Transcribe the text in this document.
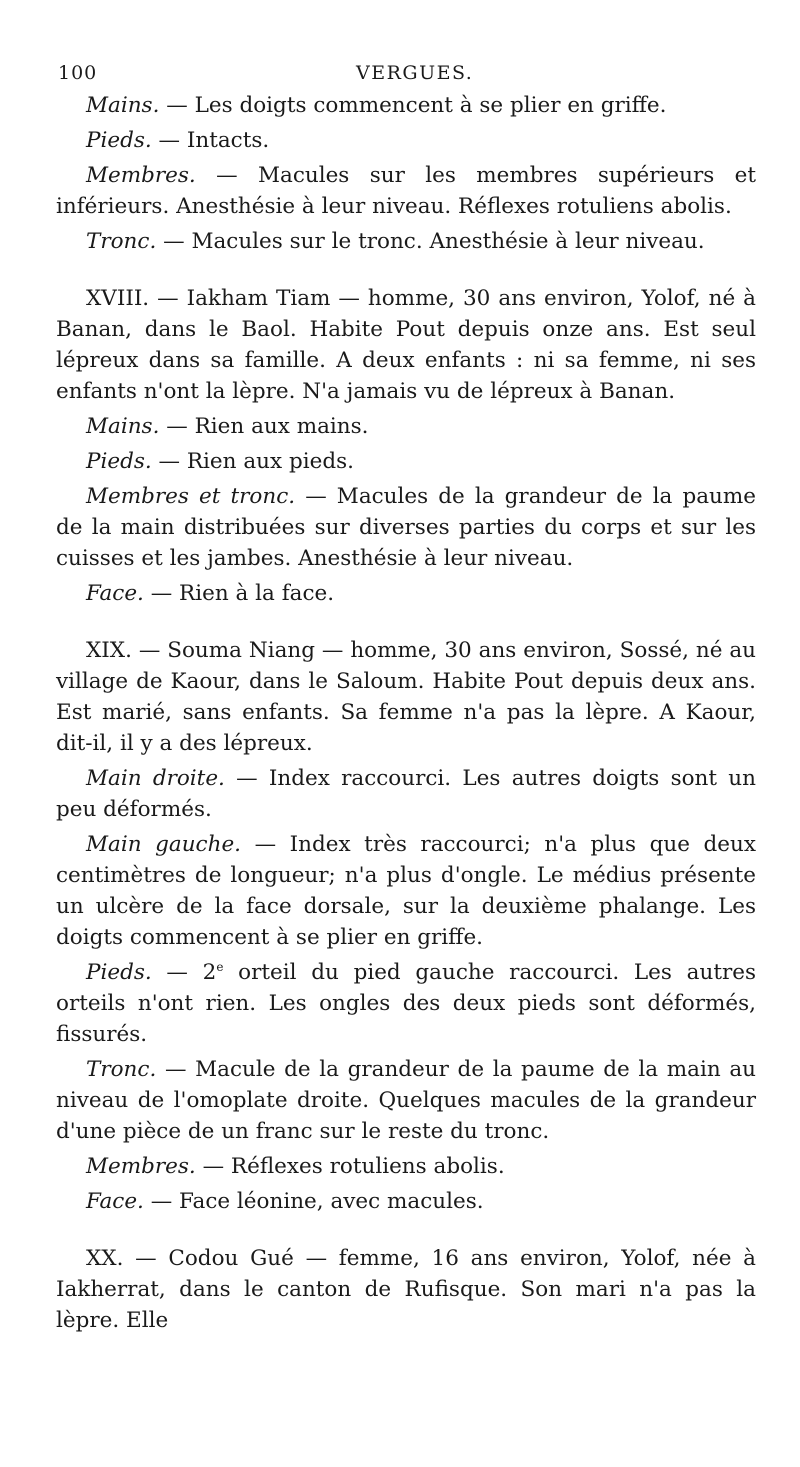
100	VERGUES.

Mains. — Les doigts commencent à se plier en griffe.

Pieds. — Intacts.

Membres. — Macules sur les membres supérieurs et inférieurs. Anesthésie à leur niveau. Réflexes rotuliens abolis.

Tronc. — Macules sur le tronc. Anesthésie à leur niveau.

XVIII. — Iakham Tiam — homme, 30 ans environ, Yolof, né à Banan, dans le Baol. Habite Pout depuis onze ans. Est seul lépreux dans sa famille. A deux enfants : ni sa femme, ni ses enfants n'ont la lèpre. N'a jamais vu de lépreux à Banan.

Mains. — Rien aux mains.

Pieds. — Rien aux pieds.

Membres et tronc. — Macules de la grandeur de la paume de la main distribuées sur diverses parties du corps et sur les cuisses et les jambes. Anesthésie à leur niveau.

Face. — Rien à la face.

XIX. — Souma Niang — homme, 30 ans environ, Sossé, né au village de Kaour, dans le Saloum. Habite Pout depuis deux ans. Est marié, sans enfants. Sa femme n'a pas la lèpre. A Kaour, dit-il, il y a des lépreux.

Main droite. — Index raccourci. Les autres doigts sont un peu déformés.

Main gauche. — Index très raccourci; n'a plus que deux centimètres de longueur; n'a plus d'ongle. Le médius présente un ulcère de la face dorsale, sur la deuxième phalange. Les doigts commencent à se plier en griffe.

Pieds. — 2e orteil du pied gauche raccourci. Les autres orteils n'ont rien. Les ongles des deux pieds sont déformés, fissurés.

Tronc. — Macule de la grandeur de la paume de la main au niveau de l'omoplate droite. Quelques macules de la grandeur d'une pièce de un franc sur le reste du tronc.

Membres. — Réflexes rotuliens abolis.

Face. — Face léonine, avec macules.

XX. — Codou Gué — femme, 16 ans environ, Yolof, née à Iakherrat, dans le canton de Rufisque. Son mari n'a pas la lèpre. Elle
